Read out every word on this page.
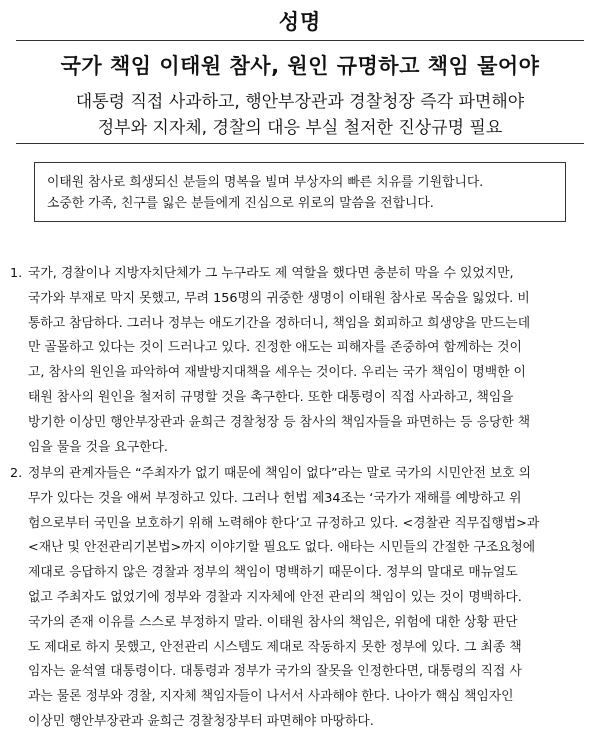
성명
국가 책임 이태원 참사, 원인 규명하고 책임 물어야
대통령 직접 사과하고, 행안부장관과 경찰청장 즉각 파면해야
정부와 지자체, 경찰의 대응 부실 철저한 진상규명 필요
이태원 참사로 희생되신 분들의 명복을 빌며 부상자의 빠른 치유를 기원합니다.
소중한 가족, 친구를 잃은 분들에게 진심으로 위로의 말씀을 전합니다.
1. 국가, 경찰이나 지방자치단체가 그 누구라도 제 역할을 했다면 충분히 막을 수 있었지만,
국가와 부재로 막지 못했고, 무려 156명의 귀중한 생명이 이태원 참사로 목숨을 잃었다. 비
통하고 참담하다. 그러나 정부는 애도기간을 정하더니, 책임을 회피하고 희생양을 만드는데
만 골몰하고 있다는 것이 드러나고 있다. 진정한 애도는 피해자를 존중하여 함께하는 것이
고, 참사의 원인을 파악하여 재발방지대책을 세우는 것이다. 우리는 국가 책임이 명백한 이
태원 참사의 원인을 철저히 규명할 것을 촉구한다. 또한 대통령이 직접 사과하고, 책임을
방기한 이상민 행안부장관과 윤희근 경찰청장 등 참사의 책임자들을 파면하는 등 응당한 책
임을 물을 것을 요구한다.
2. 정부의 관계자들은 “주최자가 없기 때문에 책임이 없다”라는 말로 국가의 시민안전 보호 의
무가 있다는 것을 애써 부정하고 있다. 그러나 헌법 제34조는 ‘국가가 재해를 예방하고 위
험으로부터 국민을 보호하기 위해 노력해야 한다’고 규정하고 있다. <경찰관 직무집행법>과
<재난 및 안전관리기본법>까지 이야기할 필요도 없다. 애타는 시민들의 간절한 구조요청에
제대로 응답하지 않은 경찰과 정부의 책임이 명백하기 때문이다. 정부의 말대로 매뉴얼도
없고 주최자도 없었기에 정부와 경찰과 지자체에 안전 관리의 책임이 있는 것이 명백하다.
국가의 존재 이유를 스스로 부정하지 말라. 이태원 참사의 책임은, 위험에 대한 상황 판단
도 제대로 하지 못했고, 안전관리 시스템도 제대로 작동하지 못한 정부에 있다. 그 최종 책
임자는 윤석열 대통령이다. 대통령과 정부가 국가의 잘못을 인정한다면, 대통령의 직접 사
과는 물론 정부와 경찰, 지자체 책임자들이 나서서 사과해야 한다. 나아가 핵심 책임자인
이상민 행안부장관과 윤희근 경찰청장부터 파면해야 마땅하다.
